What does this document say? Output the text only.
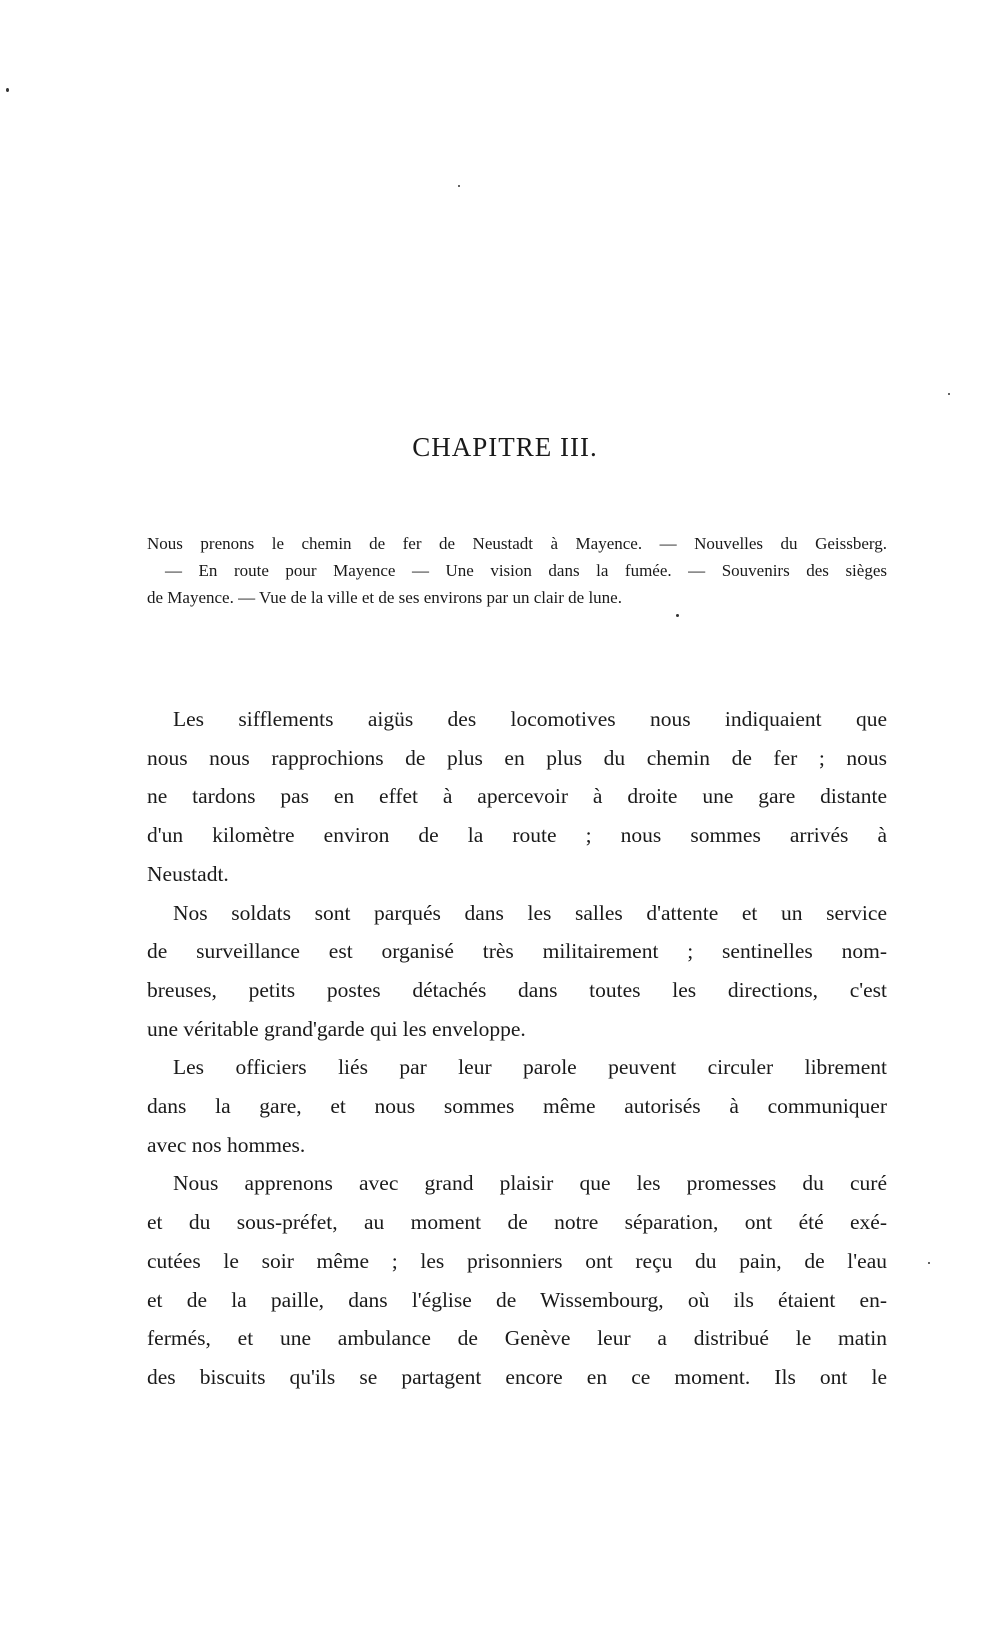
CHAPITRE III.
Nous prenons le chemin de fer de Neustadt à Mayence. — Nouvelles du Geissberg.
— En route pour Mayence — Une vision dans la fumée. — Souvenirs des sièges
de Mayence. — Vue de la ville et de ses environs par un clair de lune.

Les sifflements aigüs des locomotives nous indiquaient que
nous nous rapprochions de plus en plus du chemin de fer ; nous
ne tardons pas en effet à apercevoir à droite une gare distante
d'un kilomètre environ de la route ; nous sommes arrivés à
Neustadt.

Nos soldats sont parqués dans les salles d'attente et un service
de surveillance est organisé très militairement ; sentinelles nom-
breuses, petits postes détachés dans toutes les directions, c'est
une véritable grand'garde qui les enveloppe.

Les officiers liés par leur parole peuvent circuler librement
dans la gare, et nous sommes même autorisés à communiquer
avec nos hommes.

Nous apprenons avec grand plaisir que les promesses du curé
et du sous-préfet, au moment de notre séparation, ont été exé-
cutées le soir même ; les prisonniers ont reçu du pain, de l'eau
et de la paille, dans l'église de Wissembourg, où ils étaient en-
fermés, et une ambulance de Genève leur a distribué le matin
des biscuits qu'ils se partagent encore en ce moment. Ils ont le
